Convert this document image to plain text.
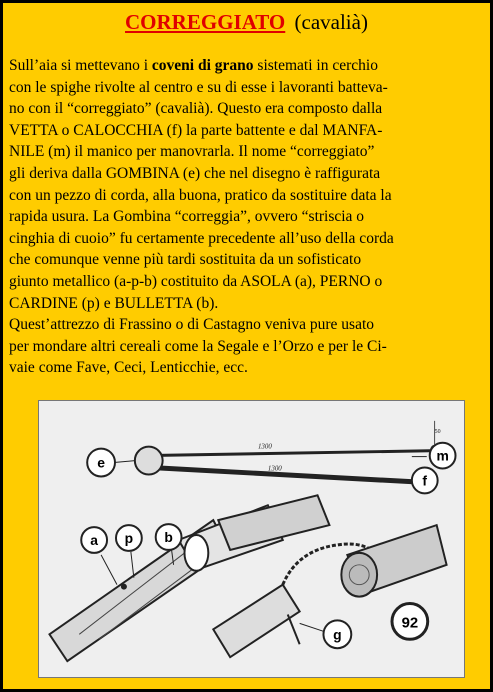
CORREGGIATO (cavalià)

Sull’aia si mettevano i coveni di grano sistemati in cerchio

con le spighe rivolte al centro e su di esse i lavoranti batteva-

no con il “correggiato” (cavalià). Questo era composto dalla

VETTA o CALOCCHIA (f) la parte battente e dal MANFA-

NILE (m) il manico per manovrarla. Il nome “correggiato”

gli deriva dalla GOMBINA (e) che nel disegno è raffigurata

con un pezzo di corda, alla buona, pratico da sostituire data la

rapida usura. La Gombina “correggia”, ovvero “striscia o

cinghia di cuoio” fu certamente precedente all’uso della corda

che comunque venne più tardi sostituita da un sofisticato

giunto metallico (a-p-b) costituito da ASOLA (a), PERNO o

CARDINE (p) e BULLETTA (b).

Quest’attrezzo di Frassino o di Castagno veniva pure usato

per mondare altri cereali come la Segale e l’Orzo e per le Ci-

vaie come Fave, Ceci, Lenticchie, ecc.

1300
1300
50
e	m
f
a p b
g
92
